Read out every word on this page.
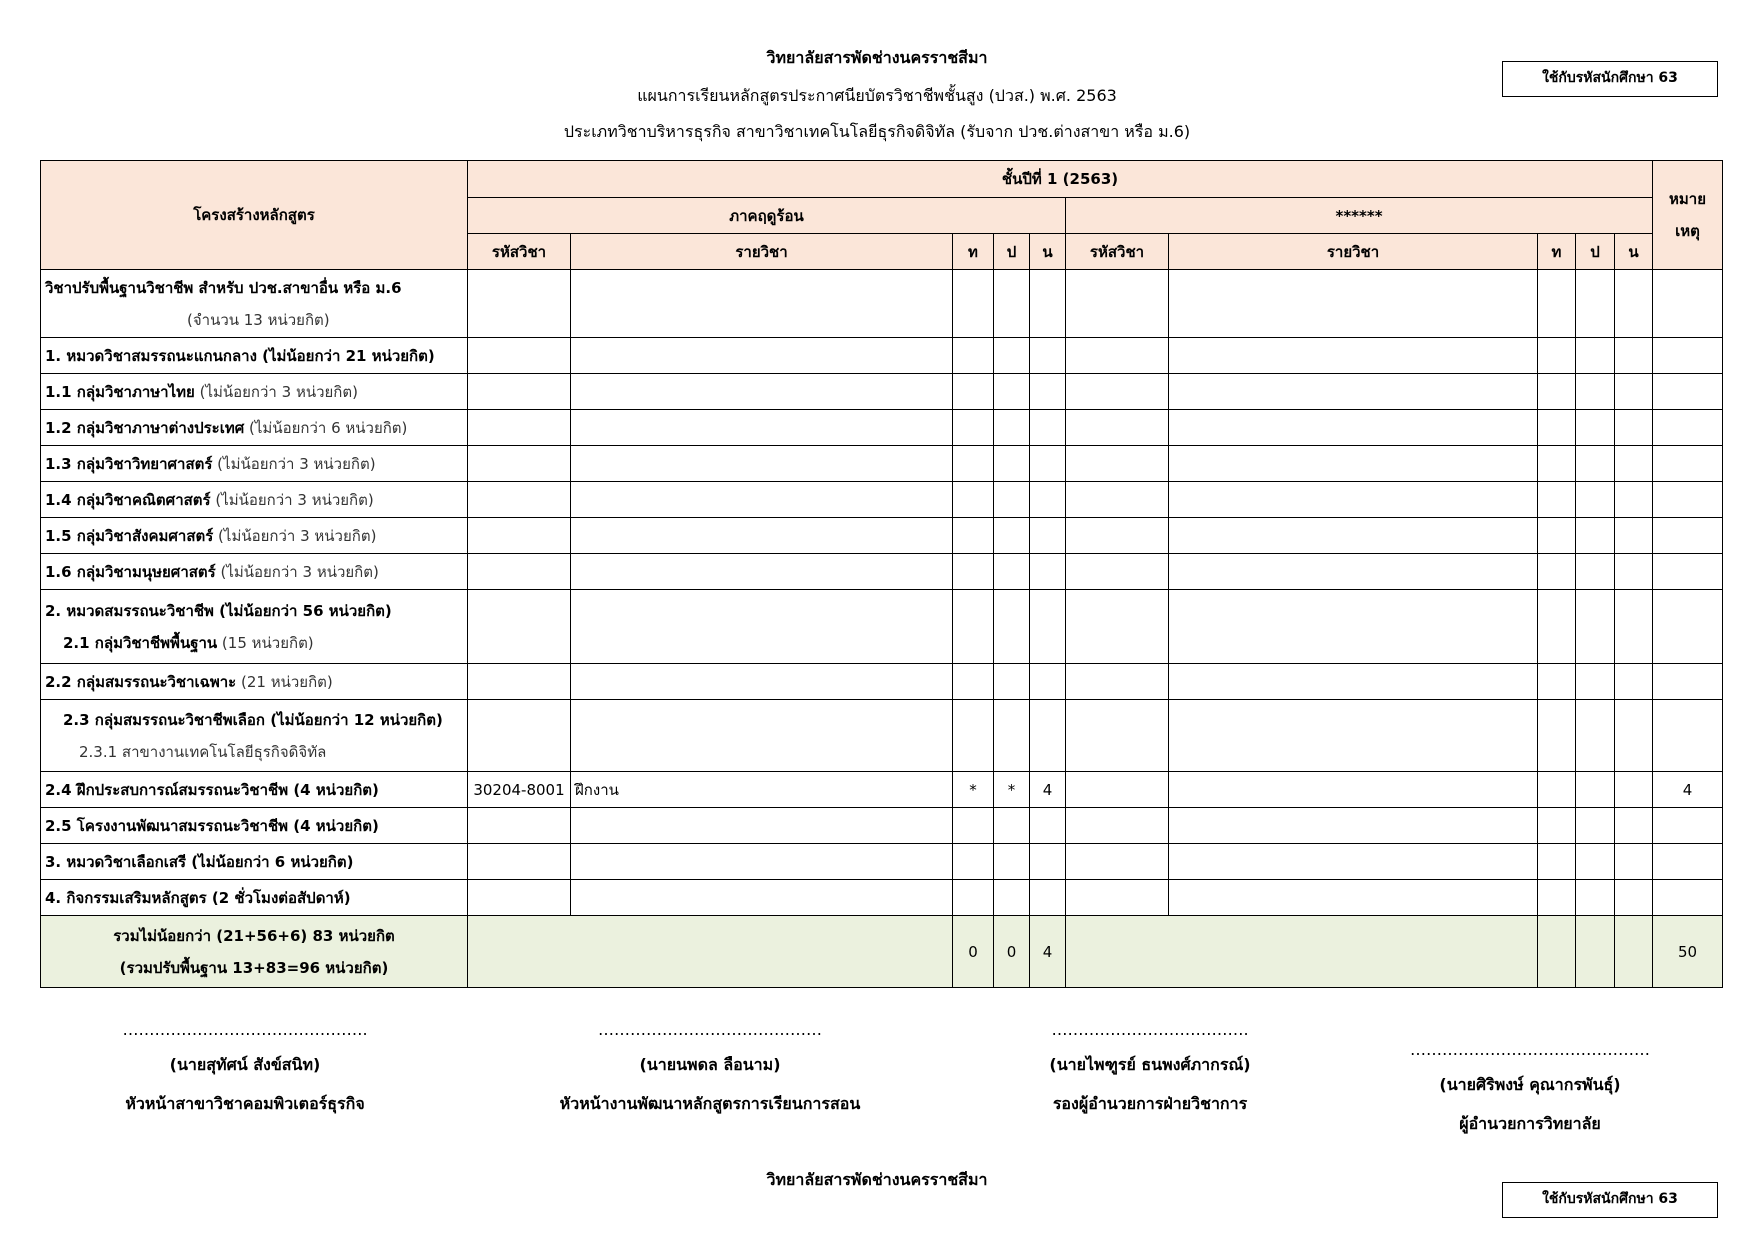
วิทยาลัยสารพัดช่างนครราชสีมา
แผนการเรียนหลักสูตรประกาศนียบัตรวิชาชีพชั้นสูง (ปวส.) พ.ศ. 2563
ประเภทวิชาบริหารธุรกิจ สาขาวิชาเทคโนโลยีธุรกิจดิจิทัล (รับจาก ปวช.ต่างสาขา หรือ ม.6)
ใช้กับรหัสนักศึกษา 63
โครงสร้างหลักสูตร	ชั้นปีที่ 1 (2563)										หมาย
เหตุ

	ภาคฤดูร้อน					******					
	รหัสวิชา	รายวิชา	ท	ป	น	รหัสวิชา	รายวิชา	ท	ป	น	

วิชาปรับพื้นฐานวิชาชีพ สำหรับ ปวช.สาขาอื่น หรือ ม.6
(จำนวน 13 หน่วยกิต)											

1. หมวดวิชาสมรรถนะแกนกลาง (ไม่น้อยกว่า 21 หน่วยกิต)											
1.1 กลุ่มวิชาภาษาไทย (ไม่น้อยกว่า 3 หน่วยกิต)											
1.2 กลุ่มวิชาภาษาต่างประเทศ (ไม่น้อยกว่า 6 หน่วยกิต)											
1.3 กลุ่มวิชาวิทยาศาสตร์ (ไม่น้อยกว่า 3 หน่วยกิต)											
1.4 กลุ่มวิชาคณิตศาสตร์ (ไม่น้อยกว่า 3 หน่วยกิต)											
1.5 กลุ่มวิชาสังคมศาสตร์ (ไม่น้อยกว่า 3 หน่วยกิต)											
1.6 กลุ่มวิชามนุษยศาสตร์ (ไม่น้อยกว่า 3 หน่วยกิต)											

2. หมวดสมรรถนะวิชาชีพ (ไม่น้อยกว่า 56 หน่วยกิต)
2.1 กลุ่มวิชาชีพพื้นฐาน (15 หน่วยกิต)											

2.2 กลุ่มสมรรถนะวิชาเฉพาะ (21 หน่วยกิต)											

2.3 กลุ่มสมรรถนะวิชาชีพเลือก (ไม่น้อยกว่า 12 หน่วยกิต)
2.3.1 สาขางานเทคโนโลยีธุรกิจดิจิทัล											

2.4 ฝึกประสบการณ์สมรรถนะวิชาชีพ (4 หน่วยกิต)	30204-8001	ฝึกงาน	*	*	4						4
2.5 โครงงานพัฒนาสมรรถนะวิชาชีพ (4 หน่วยกิต)											
3. หมวดวิชาเลือกเสรี (ไม่น้อยกว่า 6 หน่วยกิต)											
4. กิจกรรมเสริมหลักสูตร (2 ชั่วโมงต่อสัปดาห์)											

รวมไม่น้อยกว่า (21+56+6) 83 หน่วยกิต
(รวมปรับพื้นฐาน 13+83=96 หน่วยกิต)			0	0	4						50
……………………………………….
(นายสุทัศน์ สังข์สนิท)
หัวหน้าสาขาวิชาคอมพิวเตอร์ธุรกิจ
……………………………………
(นายนพดล ลือนาม)
หัวหน้างานพัฒนาหลักสูตรการเรียนการสอน
……………………………….
(นายไพฑูรย์ ธนพงศ์ภากรณ์)
รองผู้อำนวยการฝ่ายวิชาการ
………………………………………
(นายศิริพงษ์ คุณากรพันธุ์)
ผู้อำนวยการวิทยาลัย
วิทยาลัยสารพัดช่างนครราชสีมา
ใช้กับรหัสนักศึกษา 63
